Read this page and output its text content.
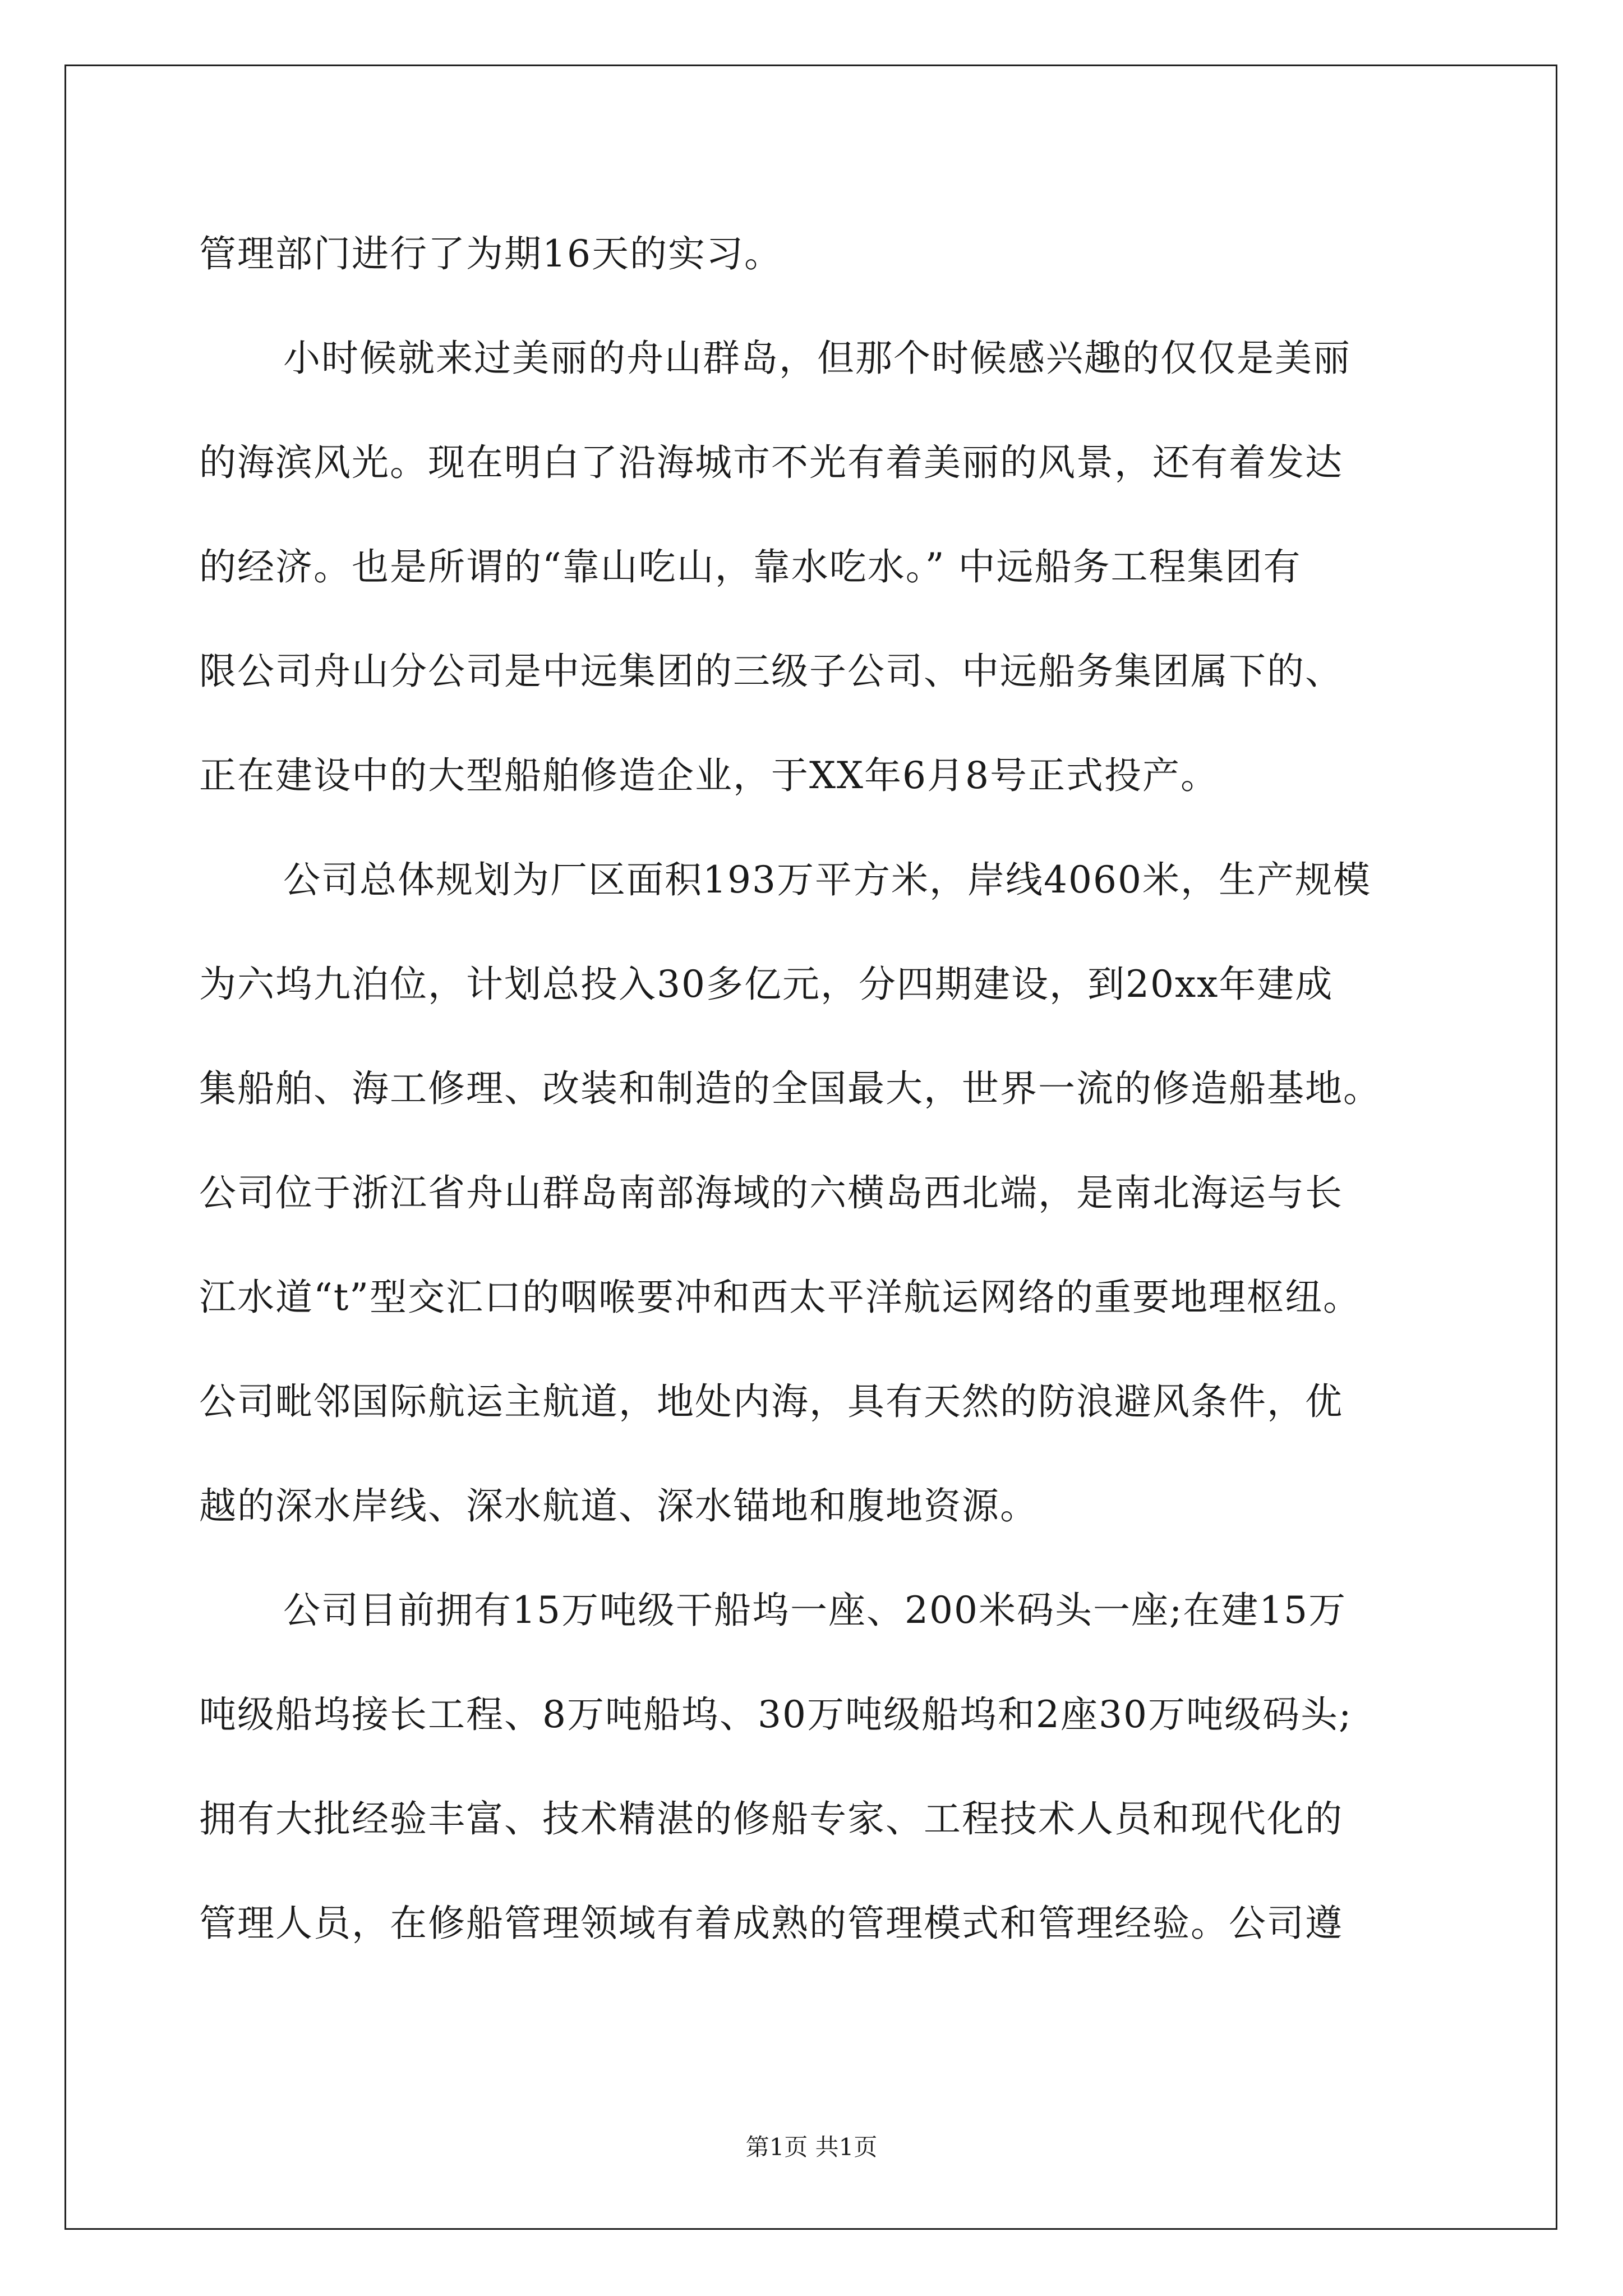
管理部门进行了为期16天的实习。
小时候就来过美丽的舟山群岛，但那个时候感兴趣的仅仅是美丽
的海滨风光。现在明白了沿海城市不光有着美丽的风景，还有着发达
的经济。也是所谓的“靠山吃山，靠水吃水。” 中远船务工程集团有
限公司舟山分公司是中远集团的三级子公司、中远船务集团属下的、
正在建设中的大型船舶修造企业，于XX年6月8号正式投产。
公司总体规划为厂区面积193万平方米，岸线4060米，生产规模
为六坞九泊位，计划总投入30多亿元，分四期建设，到20xx年建成
集船舶、海工修理、改装和制造的全国最大，世界一流的修造船基地。
公司位于浙江省舟山群岛南部海域的六横岛西北端，是南北海运与长
江水道“t”型交汇口的咽喉要冲和西太平洋航运网络的重要地理枢纽。
公司毗邻国际航运主航道，地处内海，具有天然的防浪避风条件，优
越的深水岸线、深水航道、深水锚地和腹地资源。
公司目前拥有15万吨级干船坞一座、200米码头一座;在建15万
吨级船坞接长工程、8万吨船坞、30万吨级船坞和2座30万吨级码头;
拥有大批经验丰富、技术精湛的修船专家、工程技术人员和现代化的
管理人员，在修船管理领域有着成熟的管理模式和管理经验。公司遵
第1页 共1页
